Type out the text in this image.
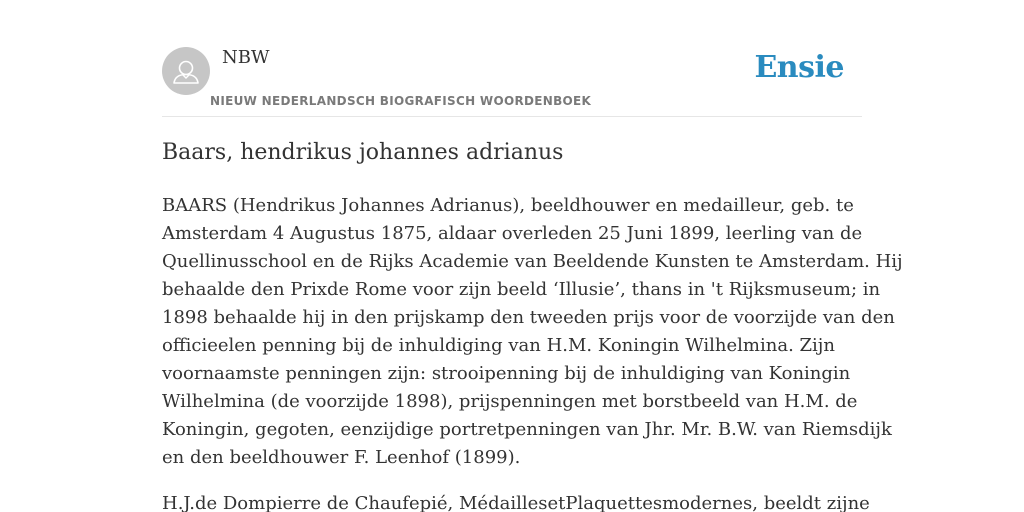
NBW
NIEUW NEDERLANDSCH BIOGRAFISCH WOORDENBOEK
Ensie
Baars, hendrikus johannes adrianus

BAARS (Hendrikus Johannes Adrianus), beeldhouwer en medailleur, geb. te
Amsterdam 4 Augustus 1875, aldaar overleden 25 Juni 1899, leerling van de
Quellinusschool en de Rijks Academie van Beeldende Kunsten te Amsterdam. Hij
behaalde den Prixde Rome voor zijn beeld ‘Illusie’, thans in 't Rijksmuseum; in
1898 behaalde hij in den prijskamp den tweeden prijs voor de voorzijde van den
officieelen penning bij de inhuldiging van H.M. Koningin Wilhelmina. Zijn
voornaamste penningen zijn: strooipenning bij de inhuldiging van Koningin
Wilhelmina (de voorzijde 1898), prijspenningen met borstbeeld van H.M. de
Koningin, gegoten, eenzijdige portretpenningen van Jhr. Mr. B.W. van Riemsdijk
en den beeldhouwer F. Leenhof (1899).

H.J.de Dompierre de Chaufepié, MédaillesetPlaquettesmodernes, beeldt zijne
